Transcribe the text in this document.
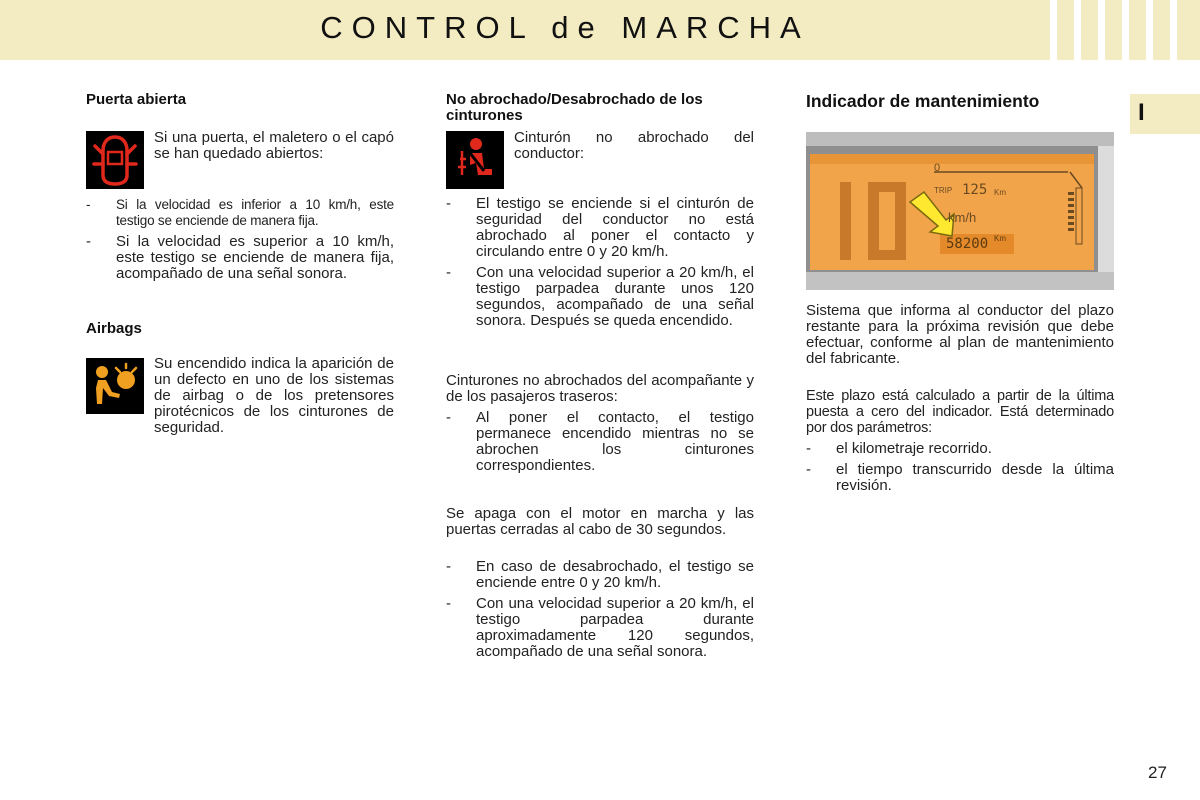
CONTROL de MARCHA
I
Puerta abierta

Si una puerta, el maletero o el capó se han quedado abiertos:

- Si la velocidad es inferior a 10 km/h, este testigo se enciende de manera fija.
- Si la velocidad es superior a 10 km/h, este testigo se enciende de manera fija, acompañado de una señal sonora.
Airbags

Su encendido indica la aparición de un defecto en uno de los sistemas de airbag o de los pretensores pirotécnicos de los cinturones de seguridad.

No abrochado/Desabrochado de los cinturones

Cinturón no abrochado del conductor:

- El testigo se enciende si el cinturón de seguridad del conductor no está abrochado al poner el contacto y circulando entre 0 y 20 km/h.
- Con una velocidad superior a 20 km/h, el testigo parpadea durante unos 120 segundos, acompañado de una señal sonora. Después se queda encendido.

Cinturones no abrochados del acompañante y de los pasajeros traseros:

- Al poner el contacto, el testigo permanece encendido mientras no se abrochen los cinturones correspondientes.

Se apaga con el motor en marcha y las puertas cerradas al cabo de 30 segundos.

- En caso de desabrochado, el testigo se enciende entre 0 y 20 km/h.
- Con una velocidad superior a 20 km/h, el testigo parpadea durante aproximadamente 120 segundos, acompañado de una señal sonora.
Indicador de mantenimiento
0
TRIP 125 Km
km/h
58200 Km

Sistema que informa al conductor del plazo restante para la próxima revisión que debe efectuar, conforme al plan de mantenimiento del fabricante.

Este plazo está calculado a partir de la última puesta a cero del indicador. Está determinado por dos parámetros:

- el kilometraje recorrido.
- el tiempo transcurrido desde la última revisión.
27
